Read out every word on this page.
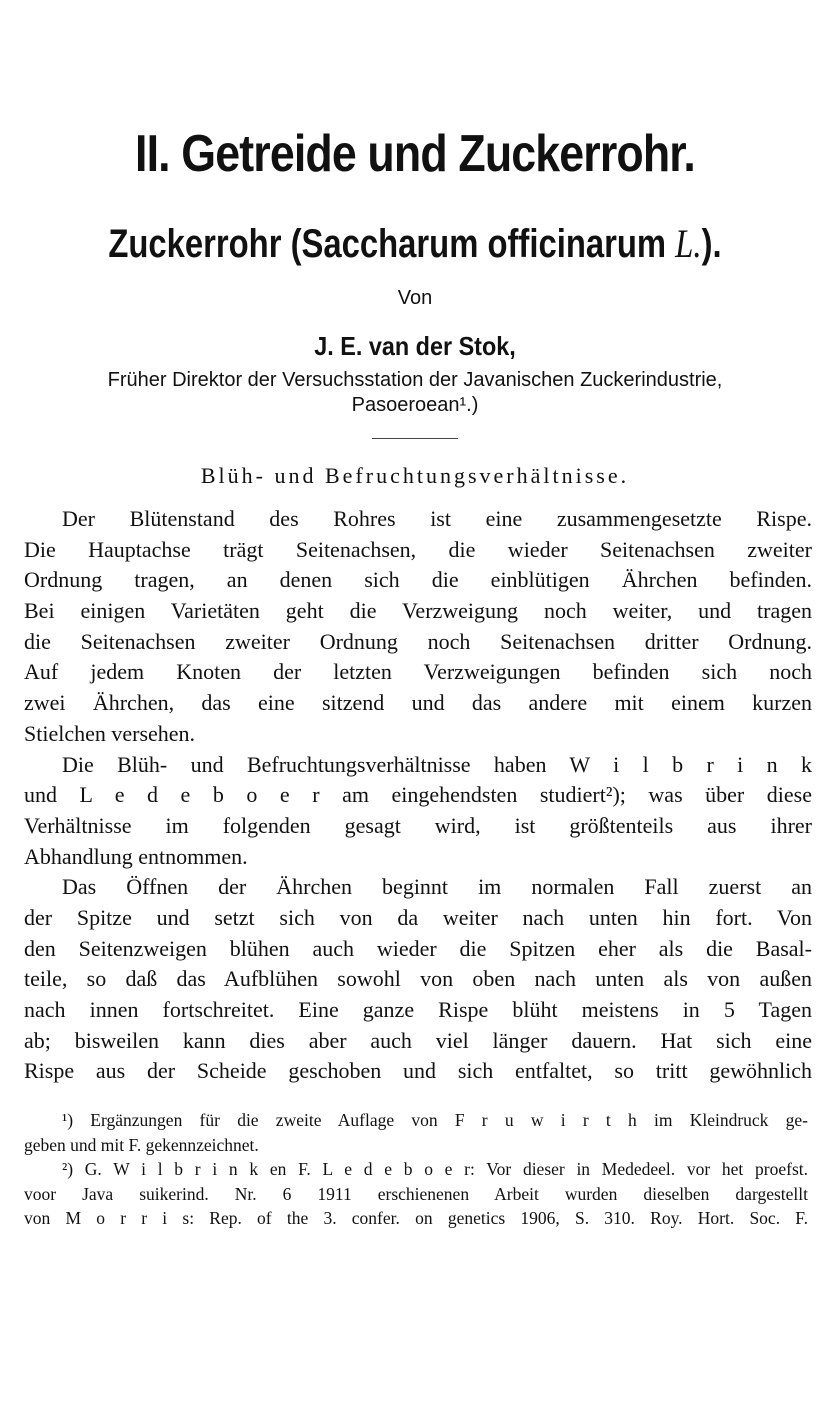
II. Getreide und Zuckerrohr.
Zuckerrohr (Saccharum officinarum L.).
Von
J. E. van der Stok,
Früher Direktor der Versuchsstation der Javanischen Zuckerindustrie,
Pasoeroean¹.)
Blüh- und Befruchtungsverhältnisse.
Der Blütenstand des Rohres ist eine zusammengesetzte Rispe.
Die Hauptachse trägt Seitenachsen, die wieder Seitenachsen zweiter
Ordnung tragen, an denen sich die einblütigen Ährchen befinden.
Bei einigen Varietäten geht die Verzweigung noch weiter, und tragen
die Seitenachsen zweiter Ordnung noch Seitenachsen dritter Ordnung.
Auf jedem Knoten der letzten Verzweigungen befinden sich noch
zwei Ährchen, das eine sitzend und das andere mit einem kurzen
Stielchen versehen.
Die Blüh- und Befruchtungsverhältnisse haben W i l b r i n k
und L e d e b o e r am eingehendsten studiert²); was über diese
Verhältnisse im folgenden gesagt wird, ist größtenteils aus ihrer
Abhandlung entnommen.
Das Öffnen der Ährchen beginnt im normalen Fall zuerst an
der Spitze und setzt sich von da weiter nach unten hin fort. Von
den Seitenzweigen blühen auch wieder die Spitzen eher als die Basal-
teile, so daß das Aufblühen sowohl von oben nach unten als von außen
nach innen fortschreitet. Eine ganze Rispe blüht meistens in 5 Tagen
ab; bisweilen kann dies aber auch viel länger dauern. Hat sich eine
Rispe aus der Scheide geschoben und sich entfaltet, so tritt gewöhnlich
¹) Ergänzungen für die zweite Auflage von F r u w i r t h im Kleindruck ge-
geben und mit F. gekennzeichnet.
²) G. W i l b r i n k en F. L e d e b o e r: Vor dieser in Mededeel. vor het proefst.
voor Java suikerind. Nr. 6 1911 erschienenen Arbeit wurden dieselben dargestellt
von M o r r i s: Rep. of the 3. confer. on genetics 1906, S. 310. Roy. Hort. Soc. F.
